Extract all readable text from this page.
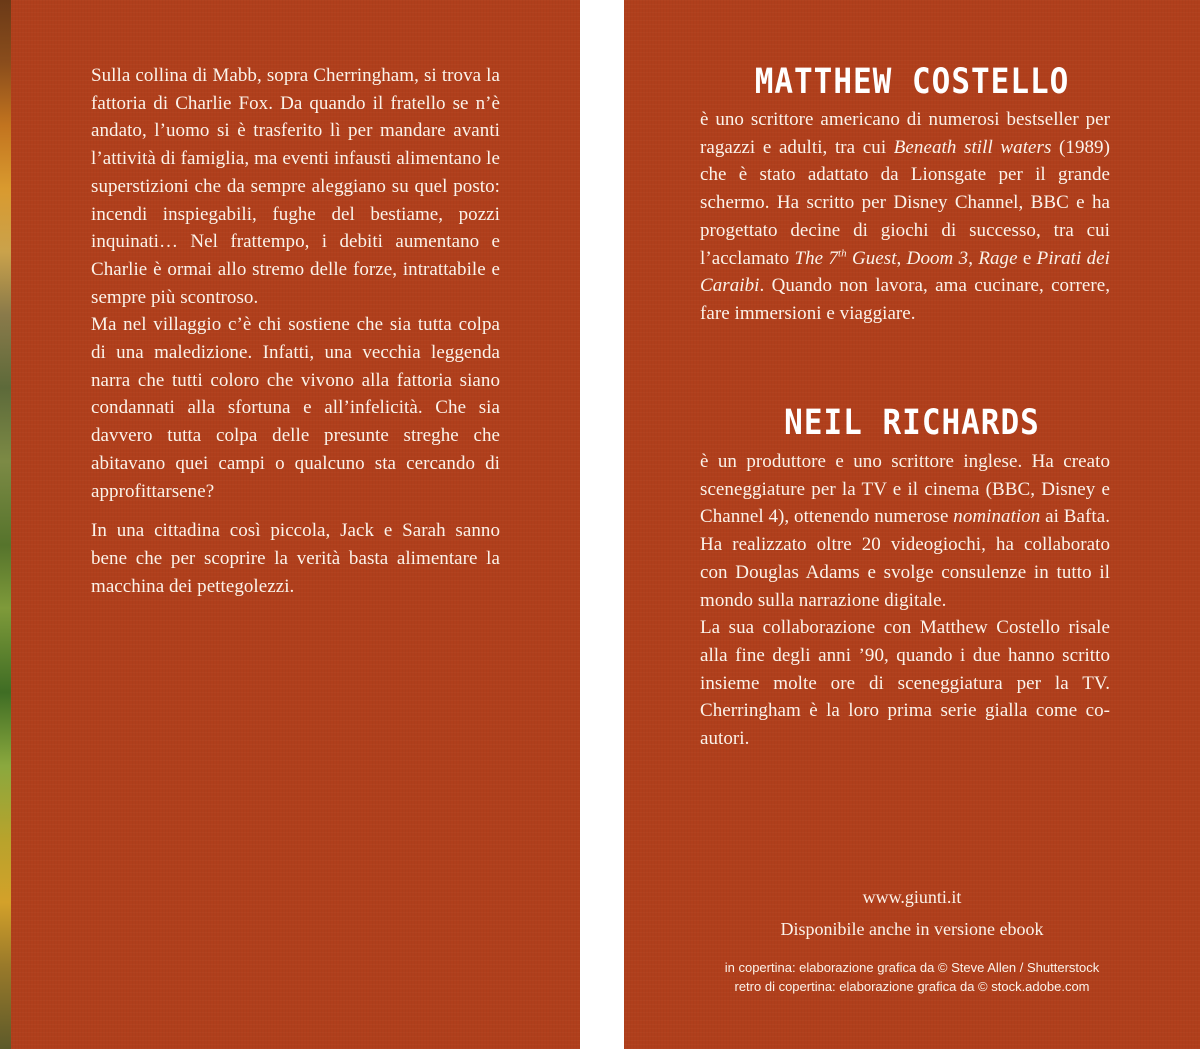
Sulla collina di Mabb, sopra Cherringham, si trova la fattoria di Charlie Fox. Da quando il fratello se n’è andato, l’uomo si è trasferito lì per mandare avanti l’attività di famiglia, ma eventi infausti alimentano le superstizioni che da sempre aleggiano su quel posto: incendi inspiegabili, fughe del bestiame, pozzi inquinati… Nel frattempo, i debiti aumentano e Charlie è ormai allo stremo delle forze, intrattabile e sempre più scontroso.

Ma nel villaggio c’è chi sostiene che sia tutta colpa di una maledizione. Infatti, una vecchia leggenda narra che tutti coloro che vivono alla fattoria siano condannati alla sfortuna e all’infelicità. Che sia davvero tutta colpa delle presunte streghe che abitavano quei campi o qualcuno sta cercando di approfittarsene?

In una cittadina così piccola, Jack e Sarah sanno bene che per scoprire la verità basta alimentare la macchina dei pettegolezzi.

MATTHEW COSTELLO

è uno scrittore americano di numerosi bestseller per ragazzi e adulti, tra cui Beneath still waters (1989) che è stato adattato da Lionsgate per il grande schermo. Ha scritto per Disney Channel, BBC e ha progettato decine di giochi di successo, tra cui l’acclamato The 7th Guest, Doom 3, Rage e Pirati dei Caraibi. Quando non lavora, ama cucinare, correre, fare immersioni e viaggiare.

NEIL RICHARDS

è un produttore e uno scrittore inglese. Ha creato sceneggiature per la TV e il cinema (BBC, Disney e Channel 4), ottenendo numerose nomination ai Bafta. Ha realizzato oltre 20 videogiochi, ha collaborato con Douglas Adams e svolge consulenze in tutto il mondo sulla narrazione digitale.

La sua collaborazione con Matthew Costello risale alla fine degli anni ’90, quando i due hanno scritto insieme molte ore di sceneggiatura per la TV. Cherringham è la loro prima serie gialla come co-autori.

www.giunti.it
Disponibile anche in versione ebook
in copertina: elaborazione grafica da © Steve Allen / Shutterstock
retro di copertina: elaborazione grafica da © stock.adobe.com
